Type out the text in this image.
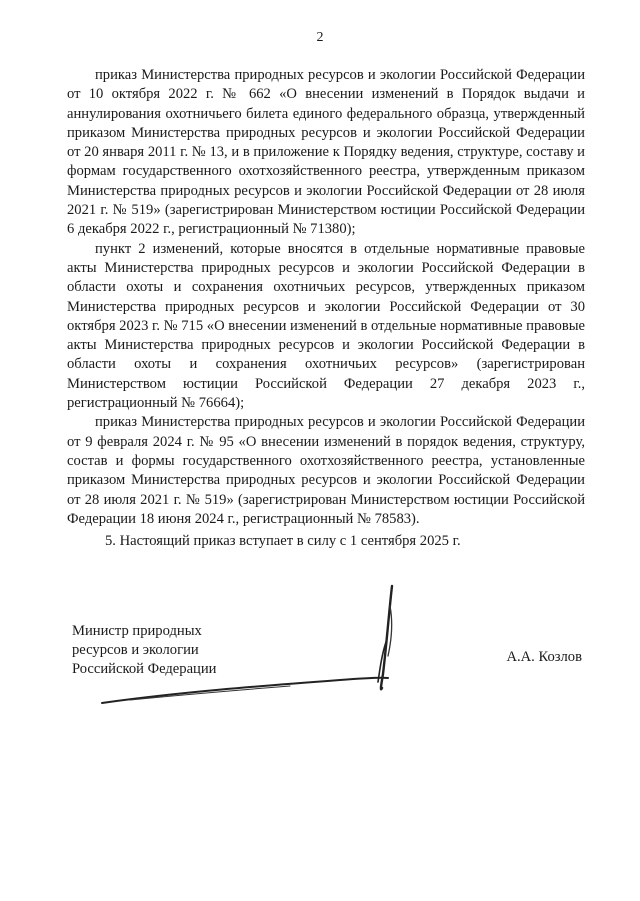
2

приказ Министерства природных ресурсов и экологии Российской Федерации от 10 октября 2022 г. № 662 «О внесении изменений в Порядок выдачи и аннулирования охотничьего билета единого федерального образца, утвержденный приказом Министерства природных ресурсов и экологии Российской Федерации от 20 января 2011 г. № 13, и в приложение к Порядку ведения, структуре, составу и формам государственного охотхозяйственного реестра, утвержденным приказом Министерства природных ресурсов и экологии Российской Федерации от 28 июля 2021 г. № 519» (зарегистрирован Министерством юстиции Российской Федерации 6 декабря 2022 г., регистрационный № 71380);

пункт 2 изменений, которые вносятся в отдельные нормативные правовые акты Министерства природных ресурсов и экологии Российской Федерации в области охоты и сохранения охотничьих ресурсов, утвержденных приказом Министерства природных ресурсов и экологии Российской Федерации от 30 октября 2023 г. № 715 «О внесении изменений в отдельные нормативные правовые акты Министерства природных ресурсов и экологии Российской Федерации в области охоты и сохранения охотничьих ресурсов» (зарегистрирован Министерством юстиции Российской Федерации 27 декабря 2023 г., регистрационный № 76664);

приказ Министерства природных ресурсов и экологии Российской Федерации от 9 февраля 2024 г. № 95 «О внесении изменений в порядок ведения, структуру, состав и формы государственного охотхозяйственного реестра, установленные приказом Министерства природных ресурсов и экологии Российской Федерации от 28 июля 2021 г. № 519» (зарегистрирован Министерством юстиции Российской Федерации 18 июня 2024 г., регистрационный № 78583).

5. Настоящий приказ вступает в силу с 1 сентября 2025 г.

Министр природных
ресурсов и экологии
Российской Федерации
А.А. Козлов
